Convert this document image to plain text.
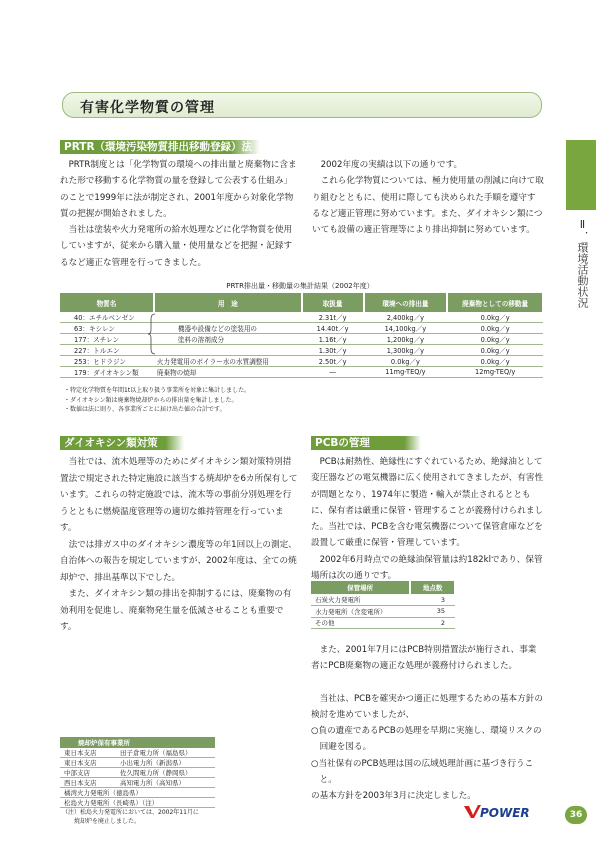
有害化学物質の管理
Ⅱ．環境活動状況
PRTR（環境汚染物質排出移動登録）法

PRTR制度とは「化学物質の環境への排出量と廃棄物に含まれた形で移動する化学物質の量を登録して公表する仕組み」のことで1999年に法が制定され、2001年度から対象化学物質の把握が開始されました。

当社は塗装や火力発電所の給水処理などに化学物質を使用していますが、従来から購入量・使用量などを把握・記録するなど適正な管理を行ってきました。

2002年度の実績は以下の通りです。

これら化学物質については、極力使用量の削減に向けて取り組むとともに、使用に際しても決められた手順を遵守するなど適正管理に努めています。また、ダイオキシン類についても設備の適正管理等により排出抑制に努めています。

PRTR排出量・移動量の集計結果（2002年度）
物質名	用　途	取扱量	環境への排出量	廃棄物としての移動量
40：エチルベンゼン		2.31t／y	2,400kg／y	0.0kg／y
63：キシレン	機器や設備などの塗装用の	14.40t／y	14,100kg／y	0.0kg／y
177：スチレン	塗料の溶剤成分	1.16t／y	1,200kg／y	0.0kg／y
227：トルエン		1.30t／y	1,300kg／y	0.0kg／y
253：ヒドラジン	火力発電用のボイラー水の水質調整用	2.50t／y	0.0kg／y	0.0kg／y
179：ダイオキシン類	廃棄物の焼却	―	11mg-TEQ/y	12mg-TEQ/y
・特定化学物質を年間1t以上取り扱う事業所を対象に集計しました。
・ダイオキシン類は廃棄物焼却炉からの排出量を集計しました。
・数値は法に則り、各事業所ごとに届け出た値の合計です。
ダイオキシン類対策

当社では、流木処理等のためにダイオキシン類対策特別措置法で規定された特定施設に該当する焼却炉を6カ所保有しています。これらの特定施設では、流木等の事前分別処理を行うとともに燃焼温度管理等の適切な維持管理を行っています。

法では排ガス中のダイオキシン濃度等の年1回以上の測定、自治体への報告を規定していますが、2002年度は、全ての焼却炉で、排出基準以下でした。

また、ダイオキシン類の排出を抑制するには、廃棄物の有効利用を促進し、廃棄物発生量を低減させることも重要です。

焼却炉保有事業所	
東日本支店	田子倉電力所（福島県）
東日本支店	小出電力所（新潟県）
中部支店	佐久間電力所（静岡県）
西日本支店	高知電力所（高知県）
橘湾火力発電所（徳島県）	
松島火力発電所（長崎県）（注）	
（注）松島火力発電所においては、2002年11月に
焼却炉を廃止しました。
PCBの管理

PCBは耐熱性、絶縁性にすぐれているため、絶縁油として変圧器などの電気機器に広く使用されてきましたが、有害性が問題となり、1974年に製造・輸入が禁止されるとともに、保有者は厳重に保管・管理することが義務付けられました。当社では、PCBを含む電気機器について保管倉庫などを設置して厳重に保管・管理しています。

2002年6月時点での絶縁油保管量は約182klであり、保管場所は次の通りです。

保管場所	地点数
石炭火力発電所	3
水力発電所（含変電所）	35
その他	2

また、2001年7月にはPCB特別措置法が施行され、事業者にPCB廃棄物の適正な処理が義務付けられました。

当社は、PCBを確実かつ適正に処理するための基本方針の検討を進めていましたが、

○負の遺産であるPCBの処理を早期に実施し、環境リスクの回避を図る。

○当社保有のPCB処理は国の広域処理計画に基づき行うこと。

の基本方針を2003年3月に決定しました。

POWER	36
